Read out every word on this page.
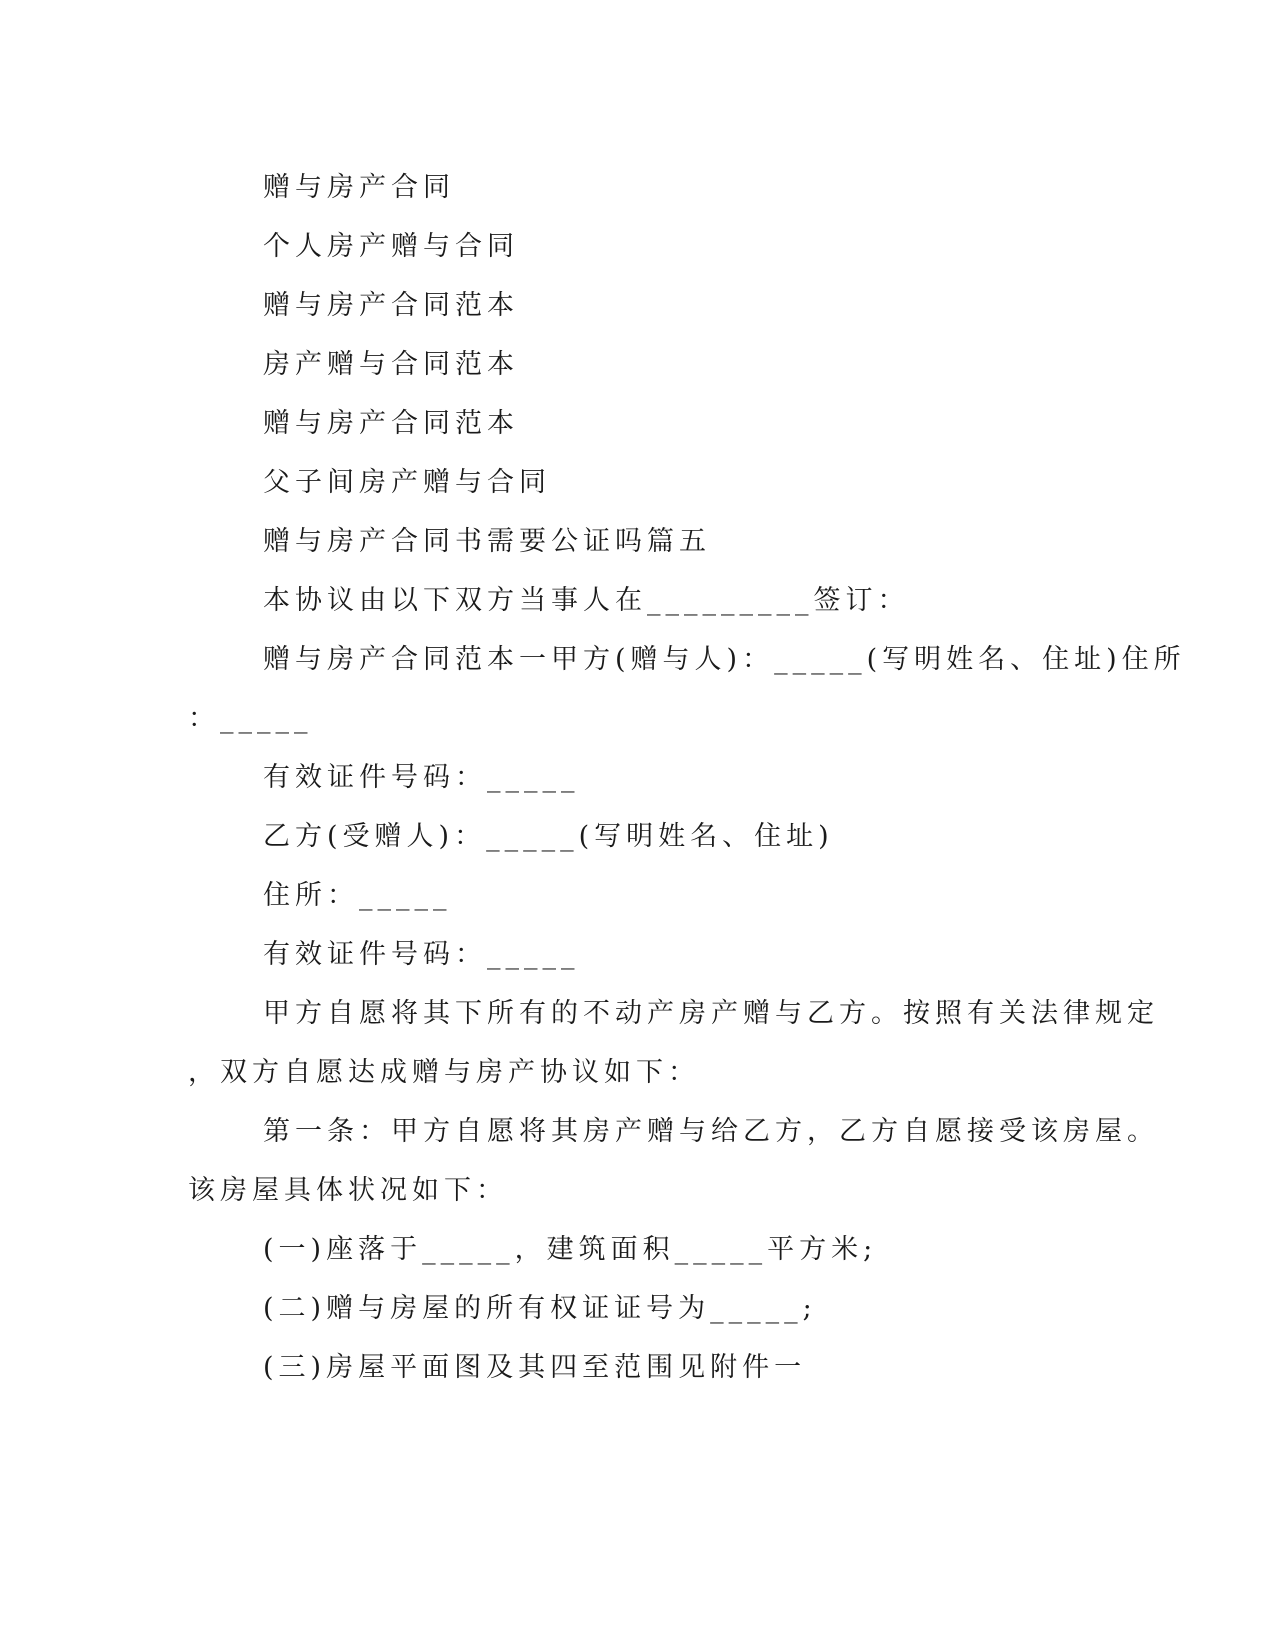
赠与房产合同

个人房产赠与合同

赠与房产合同范本

房产赠与合同范本

赠与房产合同范本

父子间房产赠与合同

赠与房产合同书需要公证吗篇五

本协议由以下双方当事人在_________签订：

赠与房产合同范本一甲方(赠与人)：_____(写明姓名、住址)住所

：_____

有效证件号码：_____

乙方(受赠人)：_____(写明姓名、住址)

住所：_____

有效证件号码：_____

甲方自愿将其下所有的不动产房产赠与乙方。按照有关法律规定

，双方自愿达成赠与房产协议如下：

第一条：甲方自愿将其房产赠与给乙方，乙方自愿接受该房屋。

该房屋具体状况如下：

(一)座落于_____，建筑面积_____平方米;

(二)赠与房屋的所有权证证号为_____;

(三)房屋平面图及其四至范围见附件一
